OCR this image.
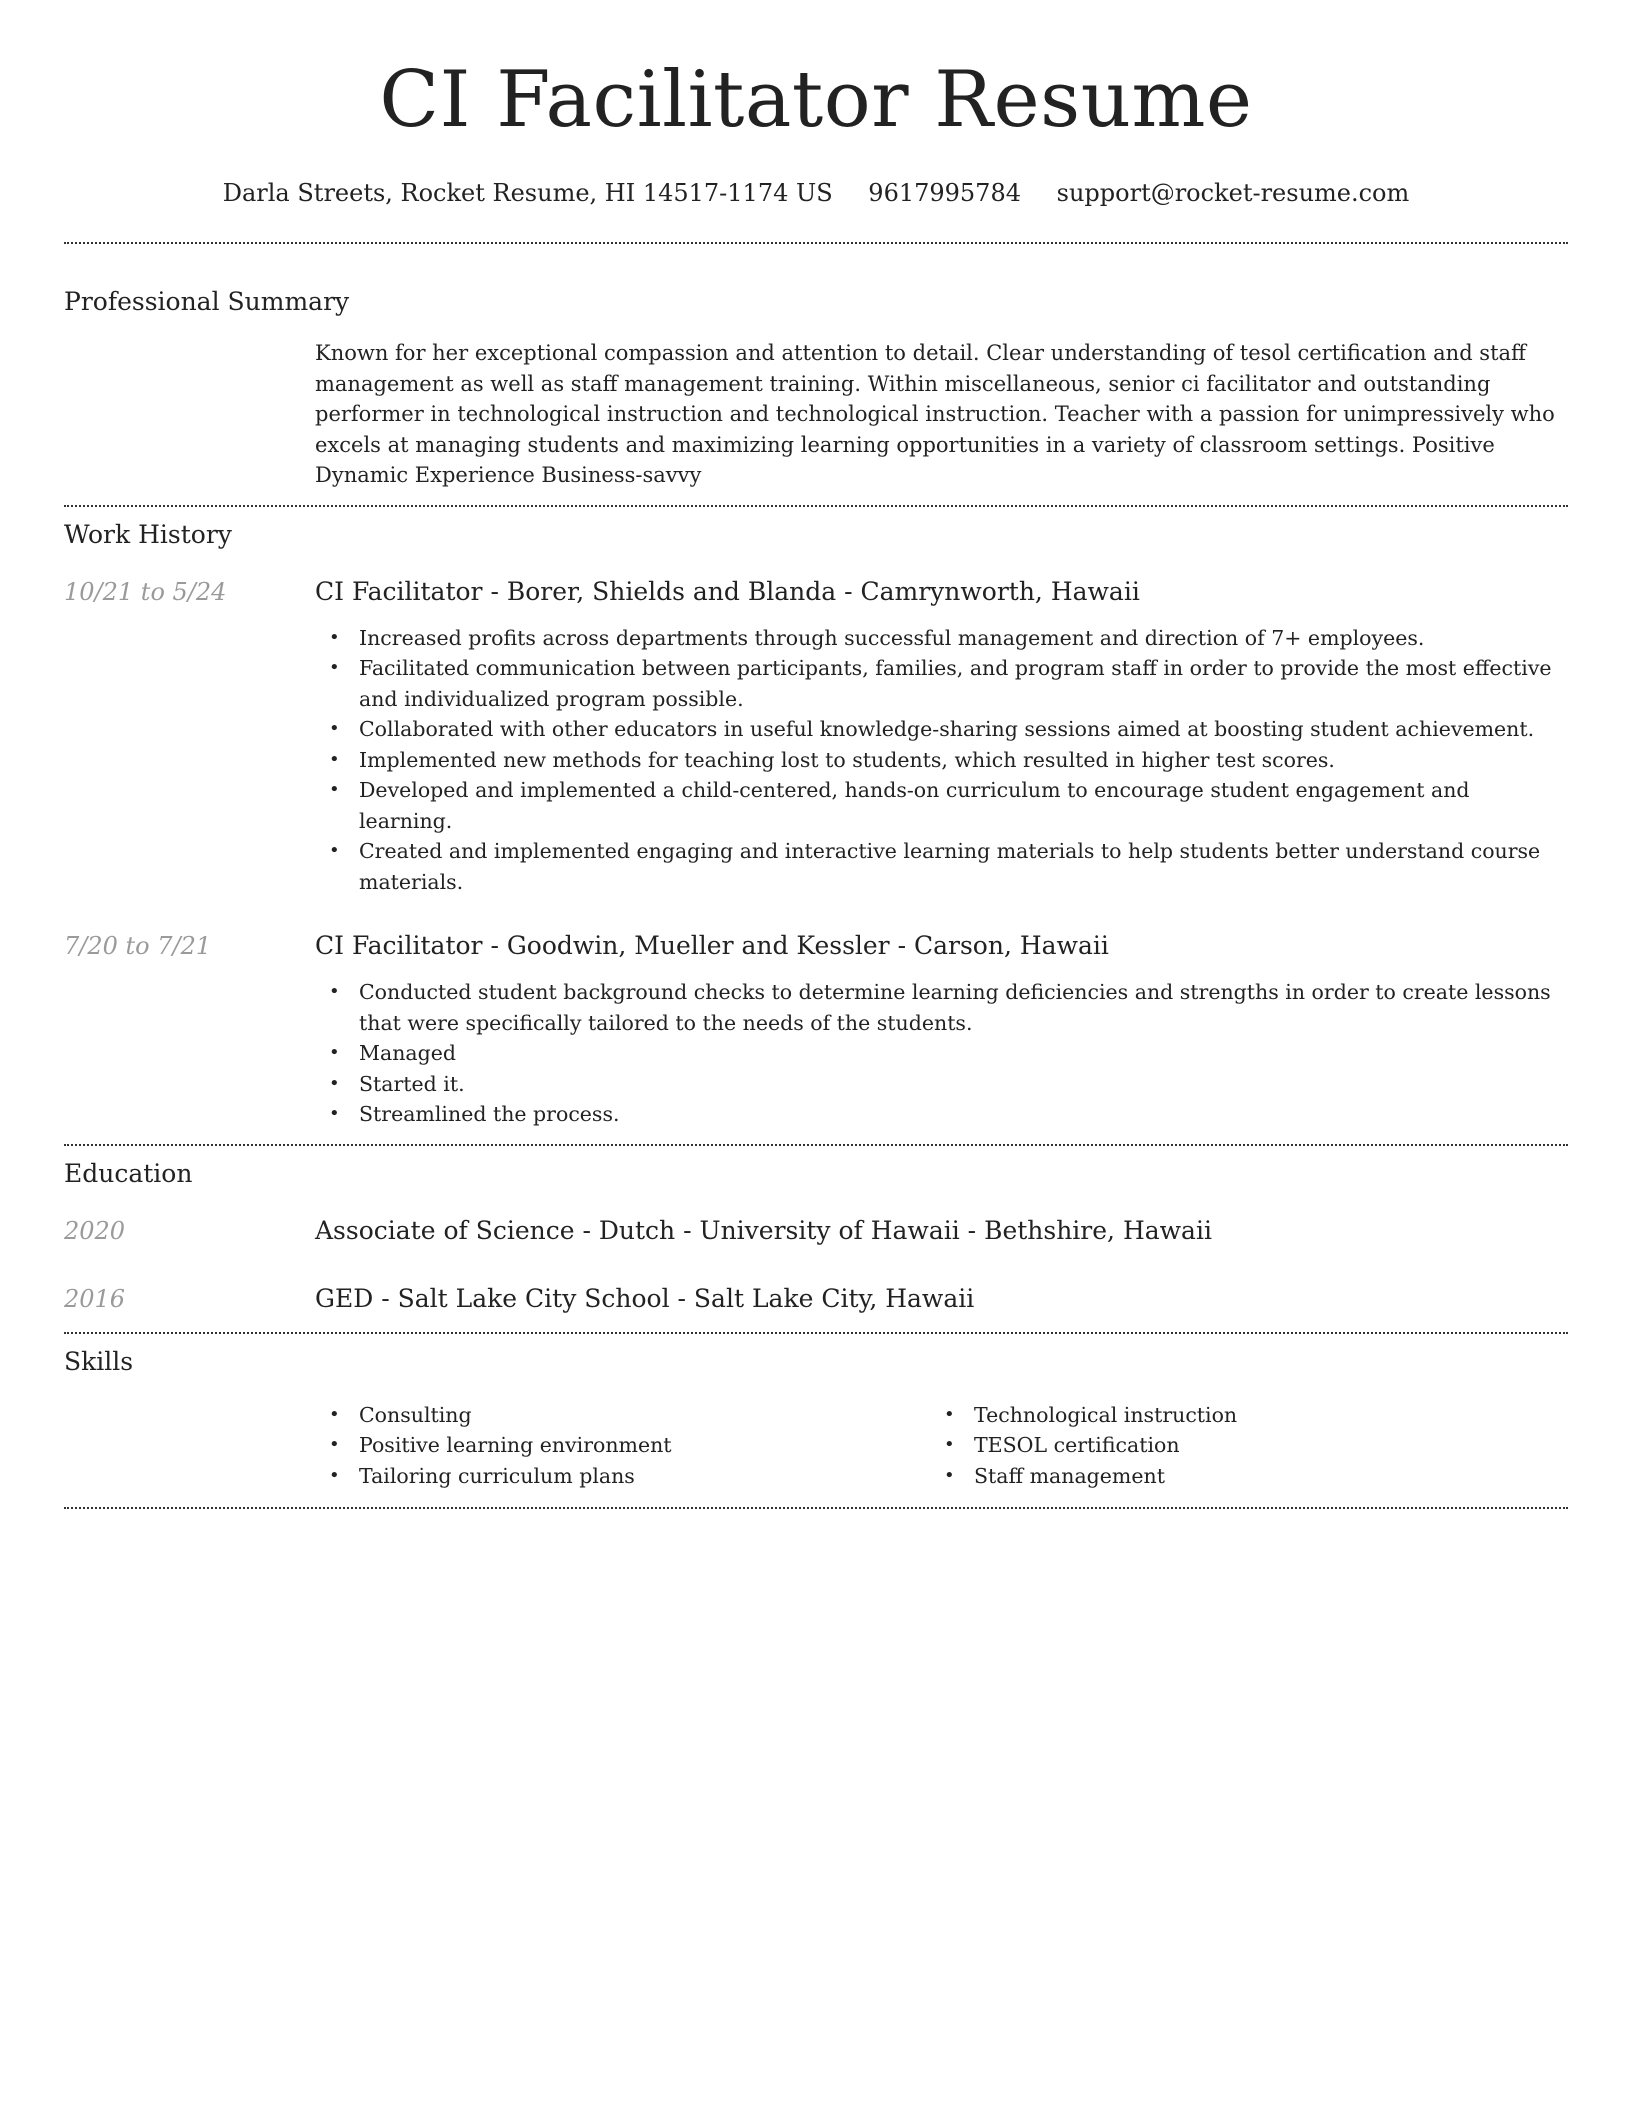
CI Facilitator Resume
Darla Streets, Rocket Resume, HI 14517-1174 US 9617995784 support@rocket-resume.com
Professional Summary
Known for her exceptional compassion and attention to detail. Clear understanding of tesol certification and staff management as well as staff management training. Within miscellaneous, senior ci facilitator and outstanding performer in technological instruction and technological instruction. Teacher with a passion for unimpressively who excels at managing students and maximizing learning opportunities in a variety of classroom settings. Positive Dynamic Experience Business-savvy
Work History
10/21 to 5/24	CI Facilitator - Borer, Shields and Blanda - Camrynworth, Hawaii
• Increased profits across departments through successful management and direction of 7+ employees.
• Facilitated communication between participants, families, and program staff in order to provide the most effective and individualized program possible.
• Collaborated with other educators in useful knowledge-sharing sessions aimed at boosting student achievement.
• Implemented new methods for teaching lost to students, which resulted in higher test scores.
• Developed and implemented a child-centered, hands-on curriculum to encourage student engagement and learning.
• Created and implemented engaging and interactive learning materials to help students better understand course materials.
7/20 to 7/21	CI Facilitator - Goodwin, Mueller and Kessler - Carson, Hawaii
• Conducted student background checks to determine learning deficiencies and strengths in order to create lessons that were specifically tailored to the needs of the students.
• Managed
• Started it.
• Streamlined the process.
Education
2020	Associate of Science - Dutch - University of Hawaii - Bethshire, Hawaii
2016	GED - Salt Lake City School - Salt Lake City, Hawaii
Skills
• Consulting
• Positive learning environment
• Tailoring curriculum plans
• Technological instruction
• TESOL certification
• Staff management
